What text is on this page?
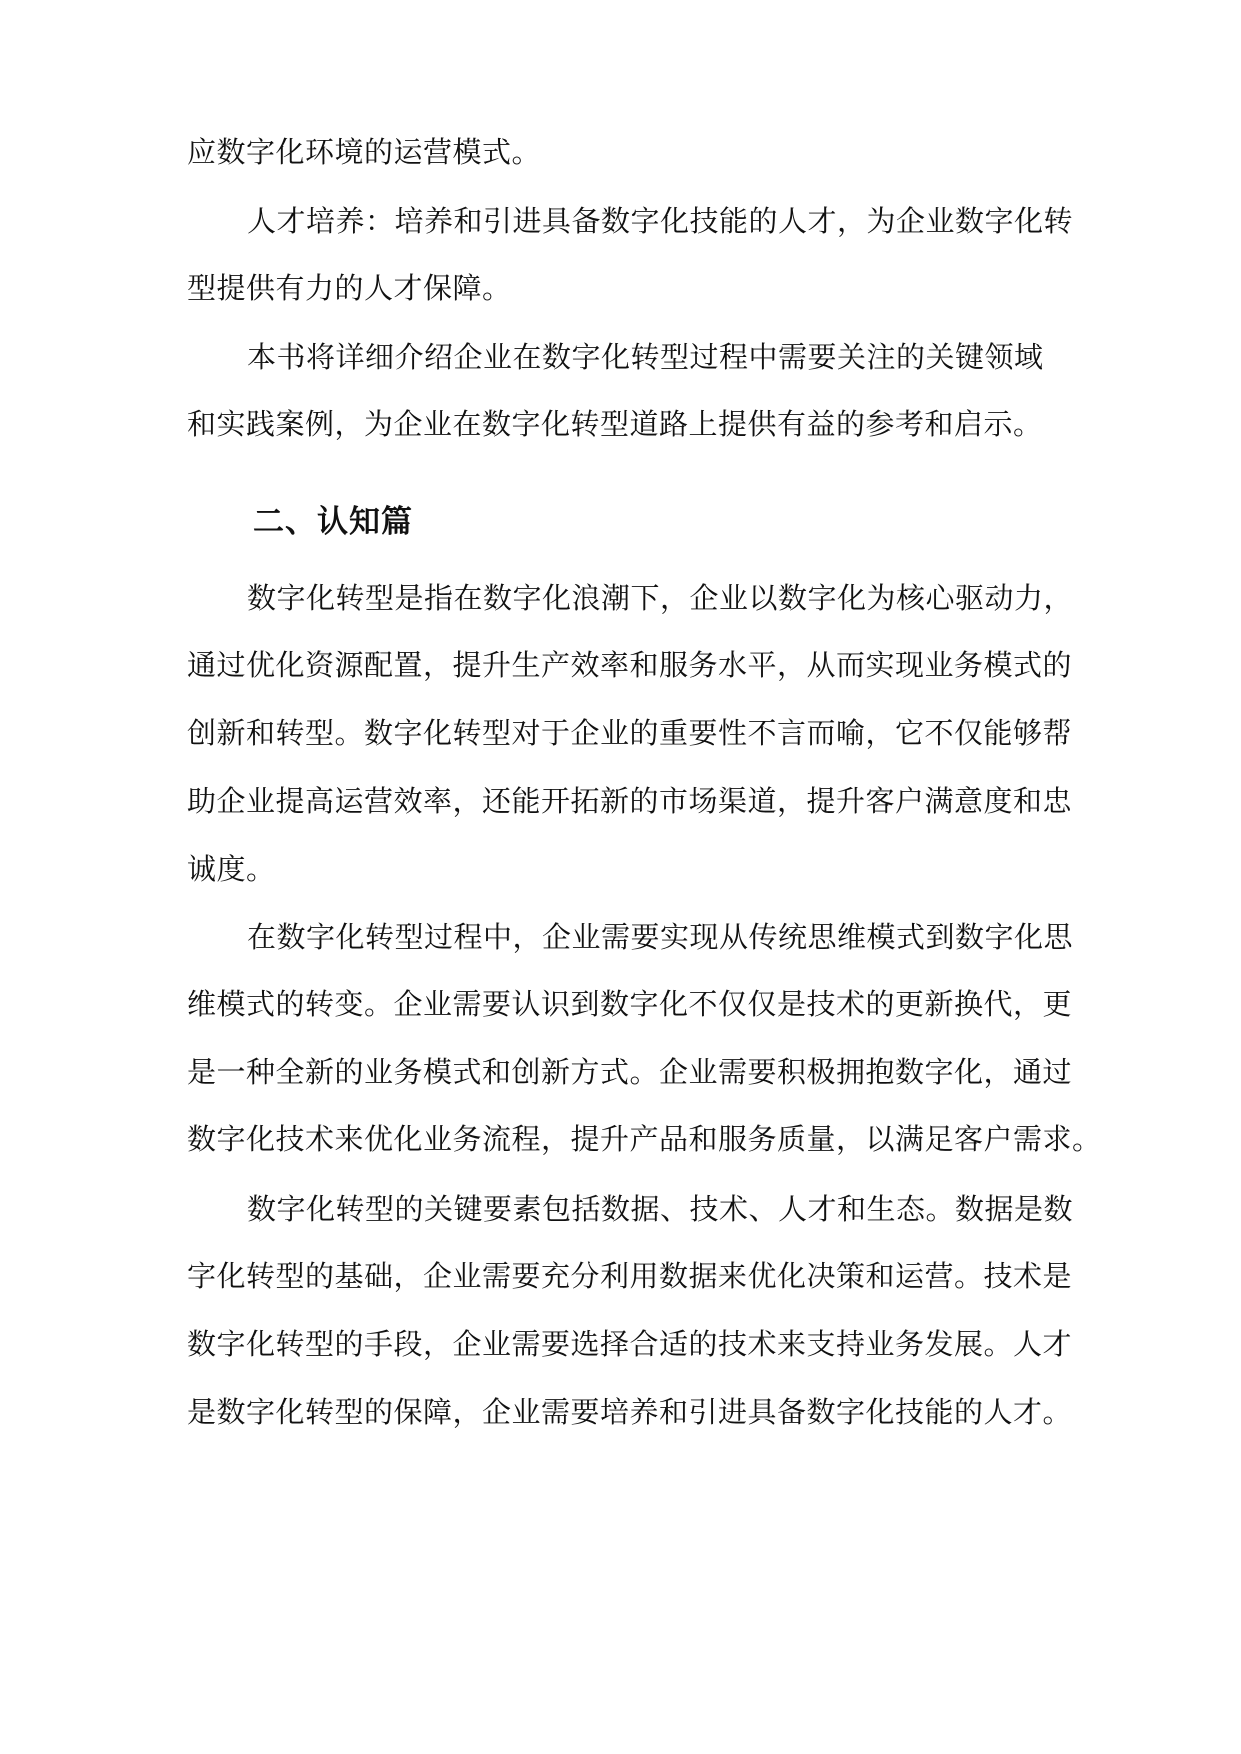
应数字化环境的运营模式。
人才培养：培养和引进具备数字化技能的人才，为企业数字化转
型提供有力的人才保障。
本书将详细介绍企业在数字化转型过程中需要关注的关键领域
和实践案例，为企业在数字化转型道路上提供有益的参考和启示。
二、认知篇
数字化转型是指在数字化浪潮下，企业以数字化为核心驱动力，
通过优化资源配置，提升生产效率和服务水平，从而实现业务模式的
创新和转型。数字化转型对于企业的重要性不言而喻，它不仅能够帮
助企业提高运营效率，还能开拓新的市场渠道，提升客户满意度和忠
诚度。
在数字化转型过程中，企业需要实现从传统思维模式到数字化思
维模式的转变。企业需要认识到数字化不仅仅是技术的更新换代，更
是一种全新的业务模式和创新方式。企业需要积极拥抱数字化，通过
数字化技术来优化业务流程，提升产品和服务质量，以满足客户需求。
数字化转型的关键要素包括数据、技术、人才和生态。数据是数
字化转型的基础，企业需要充分利用数据来优化决策和运营。技术是
数字化转型的手段，企业需要选择合适的技术来支持业务发展。人才
是数字化转型的保障，企业需要培养和引进具备数字化技能的人才。
